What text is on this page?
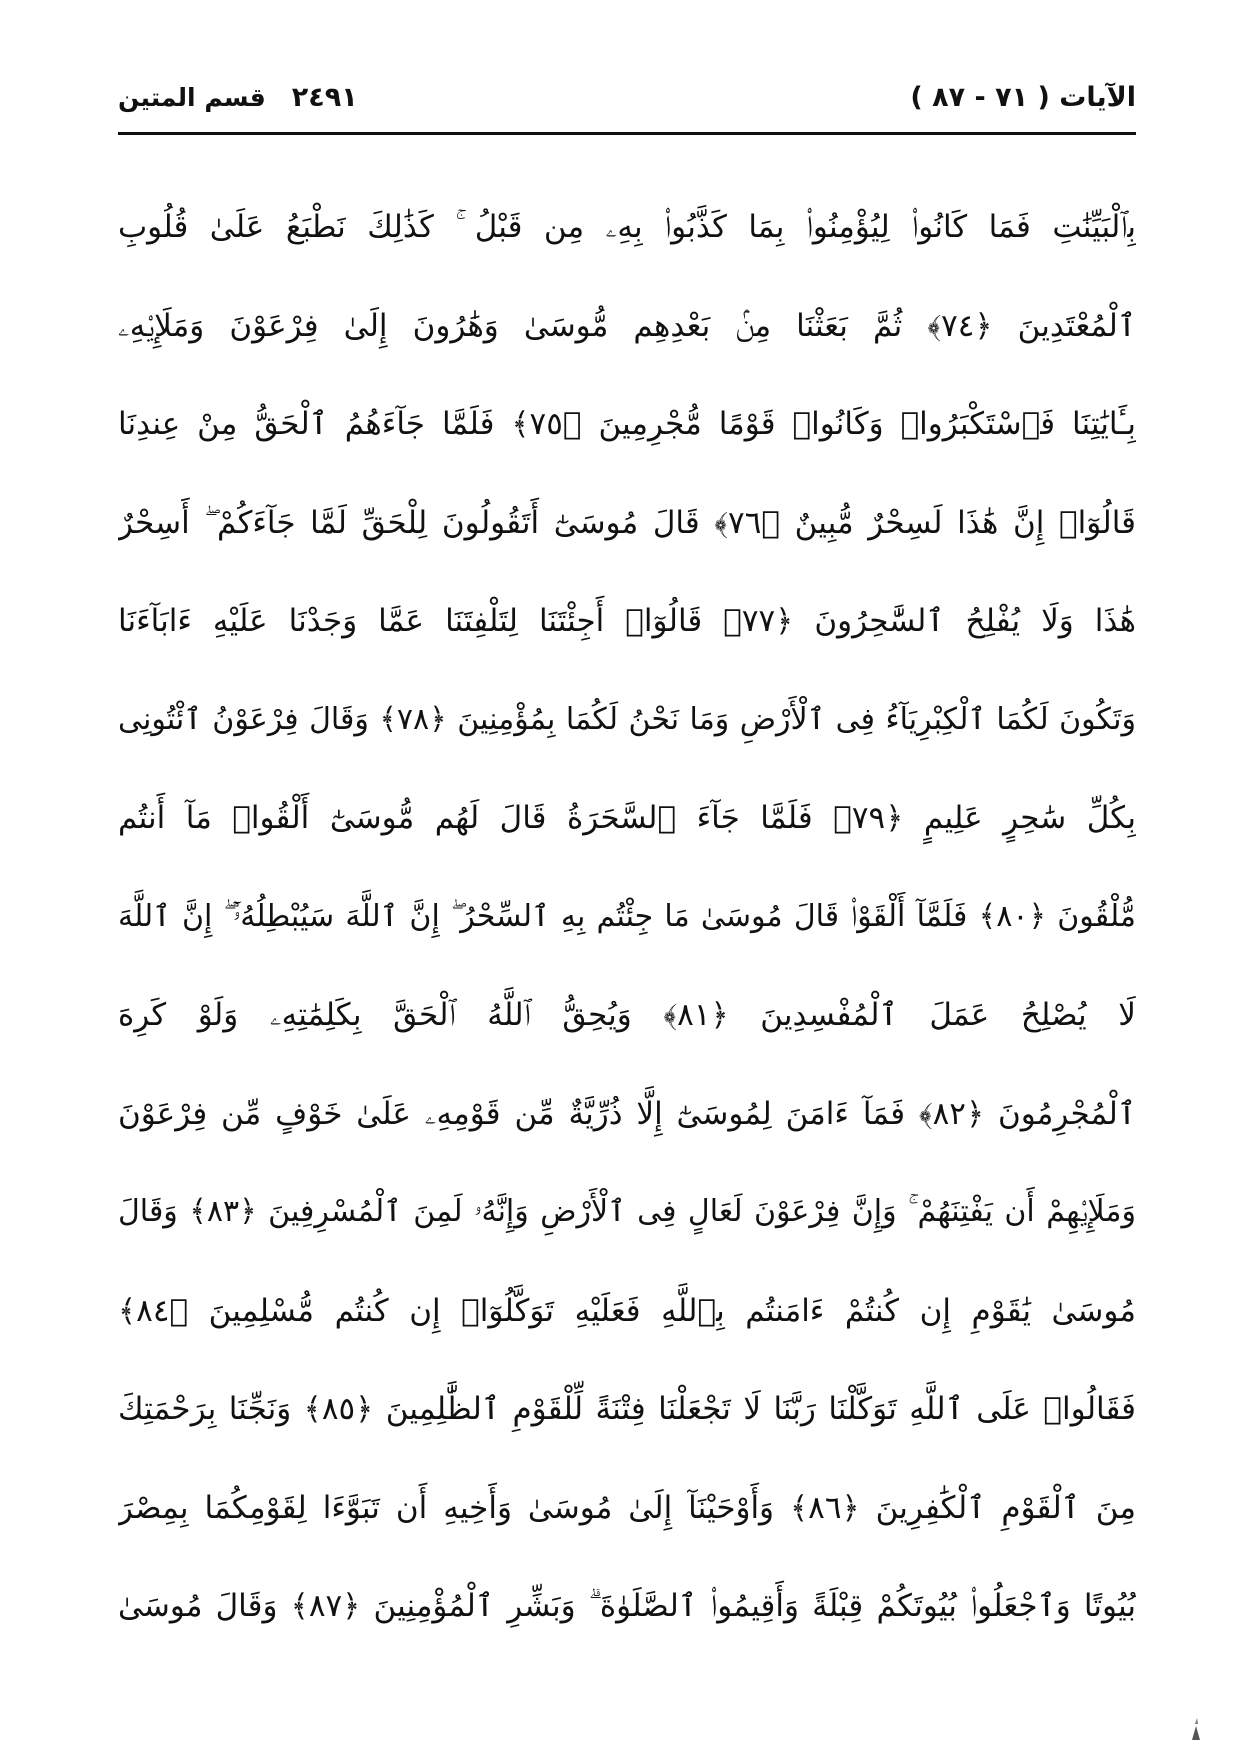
الآيات ( ٧١ - ٨٧ )
قسم المتين ٢٤٩١
بِٱلْبَيِّنَٰتِ فَمَا كَانُوا۟ لِيُؤْمِنُوا۟ بِمَا كَذَّبُوا۟ بِهِۦ مِن قَبْلُ ۚ كَذَٰلِكَ نَطْبَعُ عَلَىٰ قُلُوبِ
ٱلْمُعْتَدِينَ ﴿٧٤﴾ ثُمَّ بَعَثْنَا مِنۢ بَعْدِهِم مُّوسَىٰ وَهَٰرُونَ إِلَىٰ فِرْعَوْنَ وَمَلَإِي۟هِۦ
بِـَٔايَٰتِنَا فَٱسْتَكْبَرُوا۟ وَكَانُوا۟ قَوْمًا مُّجْرِمِينَ ﴿٧٥﴾ فَلَمَّا جَآءَهُمُ ٱلْحَقُّ مِنْ عِندِنَا
قَالُوٓا۟ إِنَّ هَٰذَا لَسِحْرٌ مُّبِينٌ ﴿٧٦﴾ قَالَ مُوسَىٰٓ أَتَقُولُونَ لِلْحَقِّ لَمَّا جَآءَكُمْ ۖ أَسِحْرٌ
هَٰذَا وَلَا يُفْلِحُ ٱلسَّٰحِرُونَ ﴿٧٧﴾ قَالُوٓا۟ أَجِئْتَنَا لِتَلْفِتَنَا عَمَّا وَجَدْنَا عَلَيْهِ ءَابَآءَنَا
وَتَكُونَ لَكُمَا ٱلْكِبْرِيَآءُ فِى ٱلْأَرْضِ وَمَا نَحْنُ لَكُمَا بِمُؤْمِنِينَ ﴿٧٨﴾ وَقَالَ فِرْعَوْنُ ٱئْتُونِى
بِكُلِّ سَٰحِرٍ عَلِيمٍ ﴿٧٩﴾ فَلَمَّا جَآءَ ٱلسَّحَرَةُ قَالَ لَهُم مُّوسَىٰٓ أَلْقُوا۟ مَآ أَنتُم
مُّلْقُونَ ﴿٨٠﴾ فَلَمَّآ أَلْقَوْا۟ قَالَ مُوسَىٰ مَا جِئْتُم بِهِ ٱلسِّحْرُ ۖ إِنَّ ٱللَّهَ سَيُبْطِلُهُۥٓ ۖ إِنَّ ٱللَّهَ
لَا يُصْلِحُ عَمَلَ ٱلْمُفْسِدِينَ ﴿٨١﴾ وَيُحِقُّ ٱللَّهُ ٱلْحَقَّ بِكَلِمَٰتِهِۦ وَلَوْ كَرِهَ
ٱلْمُجْرِمُونَ ﴿٨٢﴾ فَمَآ ءَامَنَ لِمُوسَىٰٓ إِلَّا ذُرِّيَّةٌ مِّن قَوْمِهِۦ عَلَىٰ خَوْفٍ مِّن فِرْعَوْنَ
وَمَلَإِي۟هِمْ أَن يَفْتِنَهُمْ ۚ وَإِنَّ فِرْعَوْنَ لَعَالٍ فِى ٱلْأَرْضِ وَإِنَّهُۥ لَمِنَ ٱلْمُسْرِفِينَ ﴿٨٣﴾ وَقَالَ
مُوسَىٰ يَٰقَوْمِ إِن كُنتُمْ ءَامَنتُم بِٱللَّهِ فَعَلَيْهِ تَوَكَّلُوٓا۟ إِن كُنتُم مُّسْلِمِينَ ﴿٨٤﴾
فَقَالُوا۟ عَلَى ٱللَّهِ تَوَكَّلْنَا رَبَّنَا لَا تَجْعَلْنَا فِتْنَةً لِّلْقَوْمِ ٱلظَّٰلِمِينَ ﴿٨٥﴾ وَنَجِّنَا بِرَحْمَتِكَ
مِنَ ٱلْقَوْمِ ٱلْكَٰفِرِينَ ﴿٨٦﴾ وَأَوْحَيْنَآ إِلَىٰ مُوسَىٰ وَأَخِيهِ أَن تَبَوَّءَا لِقَوْمِكُمَا بِمِصْرَ
بُيُوتًا وَٱجْعَلُوا۟ بُيُوتَكُمْ قِبْلَةً وَأَقِيمُوا۟ ٱلصَّلَوٰةَ ۗ وَبَشِّرِ ٱلْمُؤْمِنِينَ ﴿٨٧﴾ وَقَالَ مُوسَىٰ
